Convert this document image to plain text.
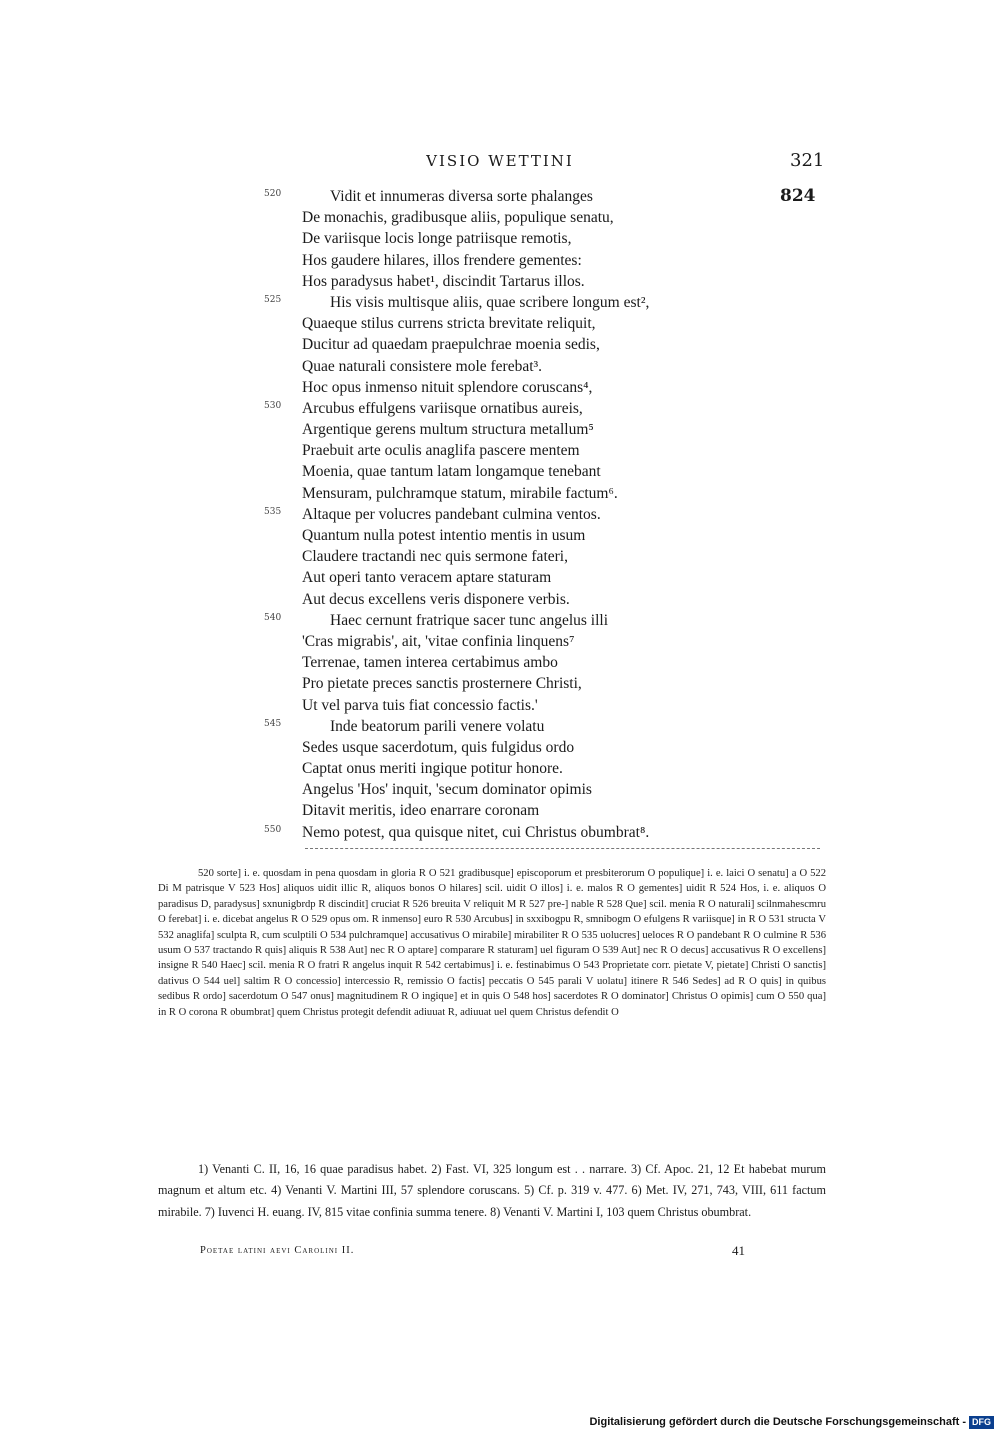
VISIO WETTINI	321
520	Vidit et innumeras diversa sorte phalanges	824
De monachis, gradibusque aliis, populique senatu,
De variisque locis longe patriisque remotis,
Hos gaudere hilares, illos frendere gementes:
Hos paradysus habet¹, discindit Tartarus illos.
525	His visis multisque aliis, quae scribere longum est²,
Quaeque stilus currens stricta brevitate reliquit,
Ducitur ad quaedam praepulchrae moenia sedis,
Quae naturali consistere mole ferebat³.
Hoc opus inmenso nituit splendore coruscans⁴,
530 Arcubus effulgens variisque ornatibus aureis,
Argentique gerens multum structura metallum⁵
Praebuit arte oculis anaglifa pascere mentem
Moenia, quae tantum latam longamque tenebant
Mensuram, pulchramque statum, mirabile factum⁶.
535 Altaque per volucres pandebant culmina ventos.
Quantum nulla potest intentio mentis in usum
Claudere tractandi nec quis sermone fateri,
Aut operi tanto veracem aptare staturam
Aut decus excellens veris disponere verbis.
540	Haec cernunt fratrique sacer tunc angelus illi
'Cras migrabis', ait, 'vitae confinia linquens⁷
Terrenae, tamen interea certabimus ambo
Pro pietate preces sanctis prosternere Christi,
Ut vel parva tuis fiat concessio factis.'
545	Inde beatorum parili venere volatu
Sedes usque sacerdotum, quis fulgidus ordo
Captat onus meriti ingique potitur honore.
Angelus 'Hos' inquit, 'secum dominator opimis
Ditavit meritis, ideo enarrare coronam
550 Nemo potest, qua quisque nitet, cui Christus obumbrat⁸.
520 sorte] i. e. quosdam in pena quosdam in gloria R O 521 gradibusque] episcoporum et presbiterorum O populique] i. e. laici O senatu] a O 522 Di M patrisque V 523 Hos] aliquos uidit illic R, aliquos bonos O hilares] scil. uidit O illos] i. e. malos R O gementes] uidit R 524 Hos, i. e. aliquos O paradisus D, paradysus] sxnunigbrdp R discindit] cruciat R 526 breuita V reliquit M R 527 pre-] nable R 528 Que] scil. menia R O naturali] scilnmahescmru O ferebat] i. e. dicebat angelus R O 529 opus om. R inmenso] euro R 530 Arcubus] in sxxibogpu R, smnibogm O efulgens R variisque] in R O 531 structa V 532 anaglifa] sculpta R, cum sculptili O 534 pulchramque] accusativus O mirabile] mirabiliter R O 535 uolucres] ueloces R O pandebant R O culmine R 536 usum O 537 tractando R quis] aliquis R 538 Aut] nec R O aptare] comparare R staturam] uel figuram O 539 Aut] nec R O decus] accusativus R O excellens] insigne R 540 Haec] scil. menia R O fratri R angelus inquit R 542 certabimus] i. e. festinabimus O 543 Proprietate corr. pietate V, pietate] Christi O sanctis] dativus O 544 uel] saltim R O concessio] intercessio R, remissio O factis] peccatis O 545 parali V uolatu] itinere R 546 Sedes] ad R O quis] in quibus sedibus R ordo] sacerdotum O 547 onus] magnitudinem R O ingique] et in quis O 548 hos] sacerdotes R O dominator] Christus O opimis] cum O 550 qua] in R O corona R obumbrat] quem Christus protegit defendit adiuuat R, adiuuat uel quem Christus defendit O
1) Venanti C. II, 16, 16 quae paradisus habet. 2) Fast. VI, 325 longum est . . narrare. 3) Cf. Apoc. 21, 12 Et habebat murum magnum et altum etc. 4) Venanti V. Martini III, 57 splendore coruscans. 5) Cf. p. 319 v. 477. 6) Met. IV, 271, 743, VIII, 611 factum mirabile. 7) Iuvenci H. euang. IV, 815 vitae confinia summa tenere. 8) Venanti V. Martini I, 103 quem Christus obumbrat.
Poetae latini aevi Carolini II.	41
Digitalisierung gefördert durch die Deutsche Forschungsgemeinschaft - DFG
